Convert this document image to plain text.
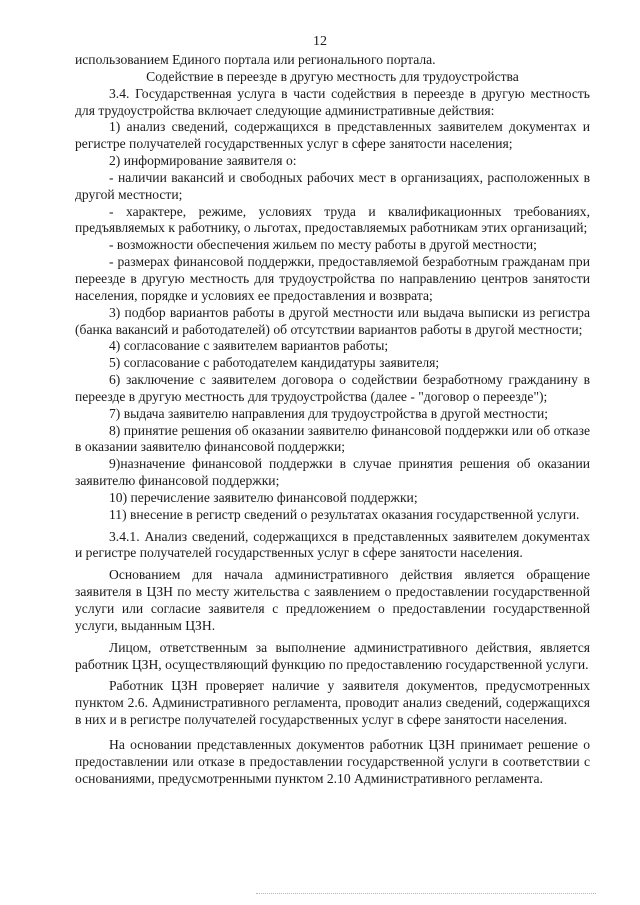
12

использованием Единого портала или регионального портала.

Содействие в переезде в другую местность для трудоустройства

3.4. Государственная услуга в части содействия в переезде в другую местность для трудоустройства включает следующие административные действия:

1) анализ сведений, содержащихся в представленных заявителем документах и регистре получателей государственных услуг в сфере занятости населения;

2) информирование заявителя о:

- наличии вакансий и свободных рабочих мест в организациях, расположенных в другой местности;

- характере, режиме, условиях труда и квалификационных требованиях, предъявляемых к работнику, о льготах, предоставляемых работникам этих организаций;

- возможности обеспечения жильем по месту работы в другой местности;

- размерах финансовой поддержки, предоставляемой безработным гражданам при переезде в другую местность для трудоустройства по направлению центров занятости населения, порядке и условиях ее предоставления и возврата;

3) подбор вариантов работы в другой местности или выдача выписки из регистра (банка вакансий и работодателей) об отсутствии вариантов работы в другой местности;

4) согласование с заявителем вариантов работы;

5) согласование с работодателем кандидатуры заявителя;

6) заключение с заявителем договора о содействии безработному гражданину в переезде в другую местность для трудоустройства (далее - "договор о переезде");

7) выдача заявителю направления для трудоустройства в другой местности;

8) принятие решения об оказании заявителю финансовой поддержки или об отказе в оказании заявителю финансовой поддержки;

9)назначение финансовой поддержки в случае принятия решения об оказании заявителю финансовой поддержки;

10) перечисление заявителю финансовой поддержки;

11) внесение в регистр сведений о результатах оказания государственной услуги.

3.4.1. Анализ сведений, содержащихся в представленных заявителем документах и регистре получателей государственных услуг в сфере занятости населения.

Основанием для начала административного действия является обращение заявителя в ЦЗН по месту жительства с заявлением о предоставлении государственной услуги или согласие заявителя с предложением о предоставлении государственной услуги, выданным ЦЗН.

Лицом, ответственным за выполнение административного действия, является работник ЦЗН, осуществляющий функцию по предоставлению государственной услуги.

Работник ЦЗН проверяет наличие у заявителя документов, предусмотренных пунктом 2.6. Административного регламента, проводит анализ сведений, содержащихся в них и в регистре получателей государственных услуг в сфере занятости населения.

На основании представленных документов работник ЦЗН принимает решение о предоставлении или отказе в предоставлении государственной услуги в соответствии с основаниями, предусмотренными пунктом 2.10 Административного регламента.
